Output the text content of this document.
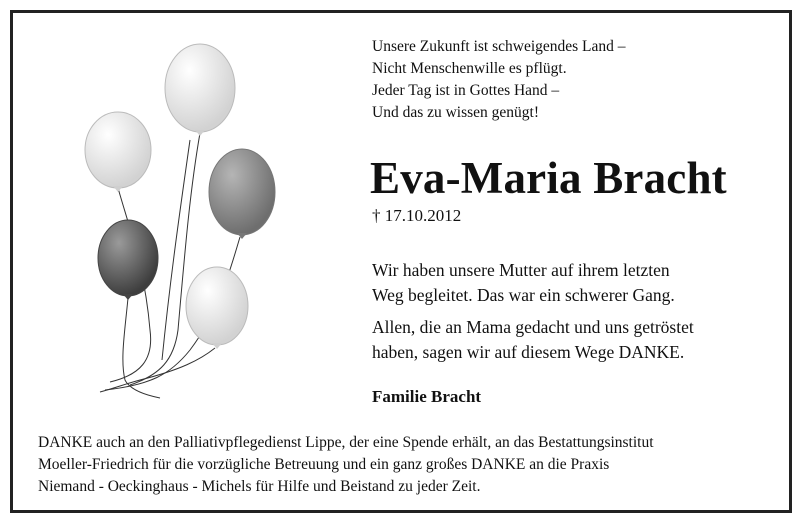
Unsere Zukunft ist schweigendes Land –
Nicht Menschenwille es pflügt.
Jeder Tag ist in Gottes Hand –
Und das zu wissen genügt!
Eva-Maria Bracht
† 17.10.2012
Wir haben unsere Mutter auf ihrem letzten
Weg begleitet. Das war ein schwerer Gang.
Allen, die an Mama gedacht und uns getröstet
haben, sagen wir auf diesem Wege DANKE.
Familie Bracht
DANKE auch an den Palliativpflegedienst Lippe, der eine Spende erhält, an das Bestattungsinstitut
Moeller-Friedrich für die vorzügliche Betreuung und ein ganz großes DANKE an die Praxis
Niemand - Oeckinghaus - Michels für Hilfe und Beistand zu jeder Zeit.
